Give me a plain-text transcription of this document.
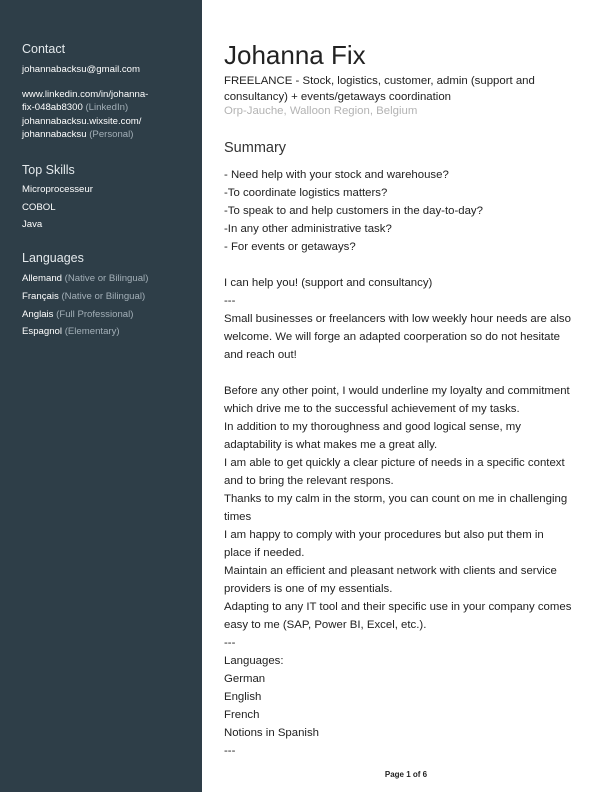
Contact
johannabacksu@gmail.com
www.linkedin.com/in/johanna-
fix-048ab8300 (LinkedIn)
johannabacksu.wixsite.com/
johannabacksu (Personal)
Top Skills
Microprocesseur
COBOL
Java
Languages
Allemand (Native or Bilingual)
Français (Native or Bilingual)
Anglais (Full Professional)
Espagnol (Elementary)
Johanna Fix
FREELANCE - Stock, logistics, customer, admin (support and consultancy) + events/getaways coordination
Orp-Jauche, Walloon Region, Belgium
Summary
- Need help with your stock and warehouse?
-To coordinate logistics matters?
-To speak to and help customers in the day-to-day?
-In any other administrative task?
- For events or getaways?
I can help you! (support and consultancy)
---
Small businesses or freelancers with low weekly hour needs are also
welcome. We will forge an adapted coorperation so do not hesitate
and reach out!
Before any other point, I would underline my loyalty and commitment
which drive me to the successful achievement of my tasks.
In addition to my thoroughness and good logical sense, my
adaptability is what makes me a great ally.
I am able to get quickly a clear picture of needs in a specific context
and to bring the relevant respons.
Thanks to my calm in the storm, you can count on me in challenging
times
I am happy to comply with your procedures but also put them in
place if needed.
Maintain an efficient and pleasant network with clients and service
providers is one of my essentials.
Adapting to any IT tool and their specific use in your company comes
easy to me (SAP, Power BI, Excel, etc.).
---
Languages:
German
English
French
Notions in Spanish
---
Page 1 of 6
